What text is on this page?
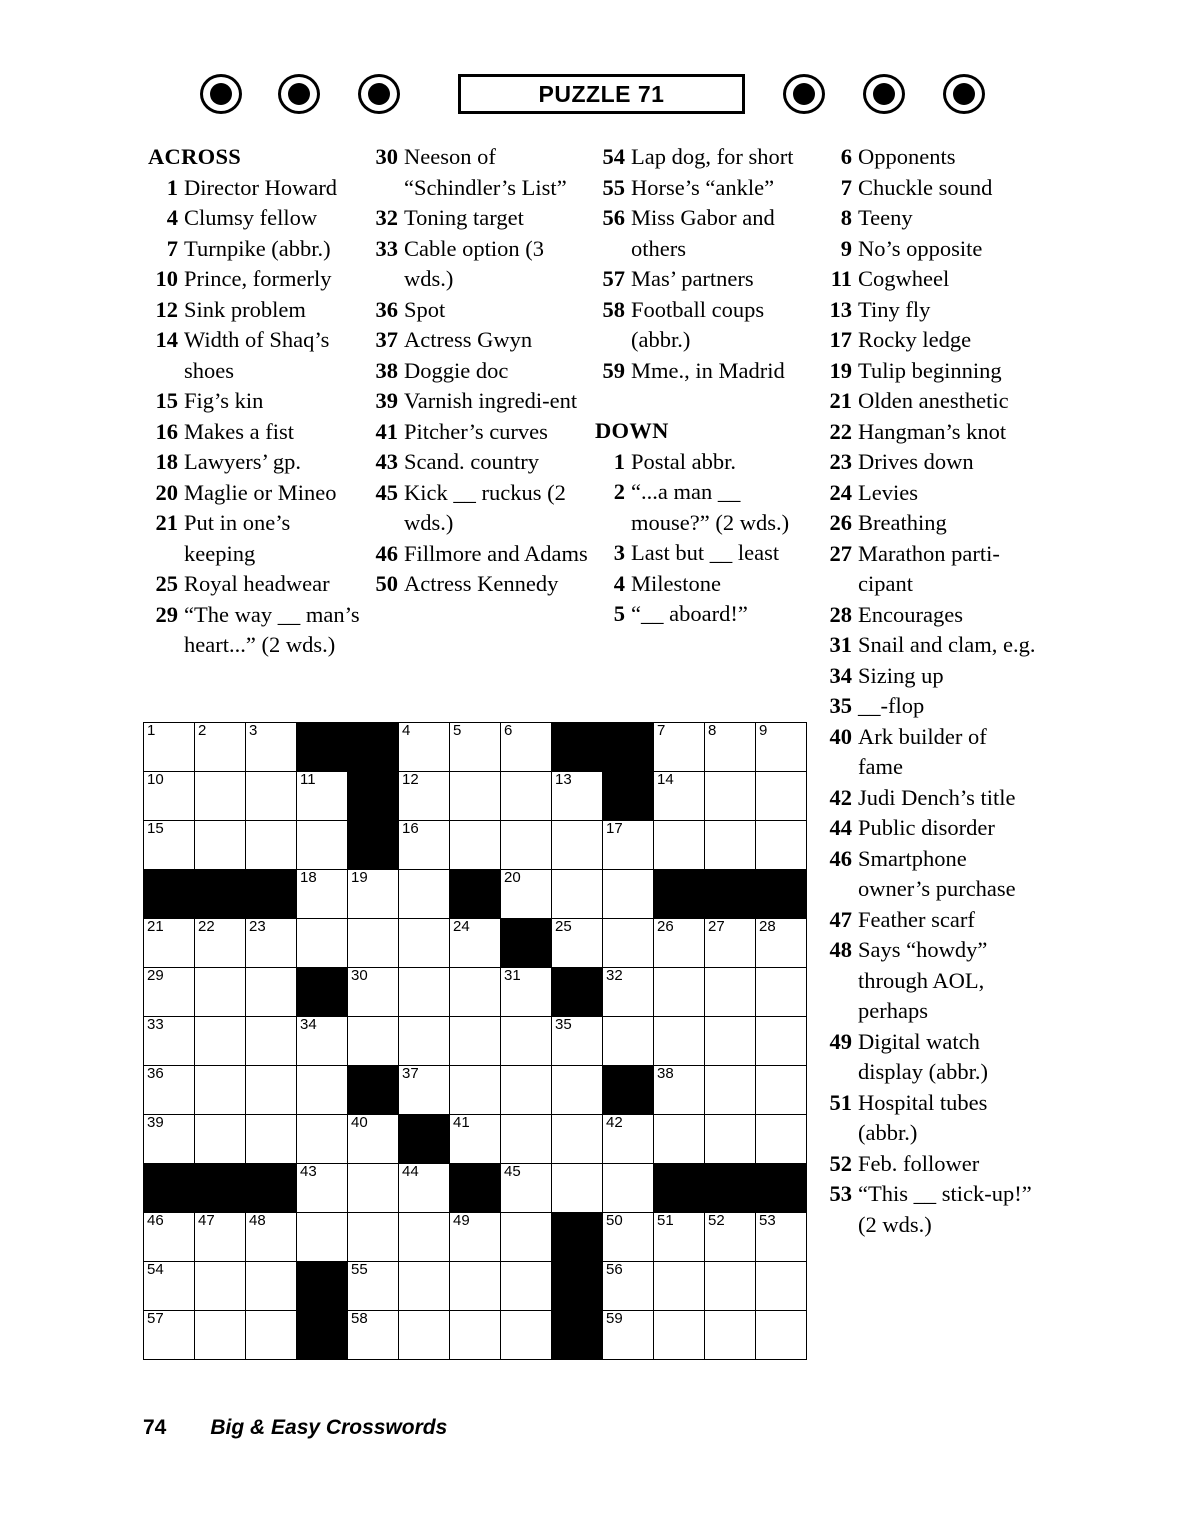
PUZZLE 71
ACROSS
1 Director Howard
4 Clumsy fellow
7 Turnpike (abbr.)
10 Prince, formerly
12 Sink problem
14 Width of Shaq’s shoes
15 Fig’s kin
16 Makes a fist
18 Lawyers’ gp.
20 Maglie or Mineo
21 Put in one’s keeping
25 Royal headwear
29 “The way __ man’s heart...” (2 wds.)
30 Neeson of “Schindler’s List”
32 Toning target
33 Cable option (3 wds.)
36 Spot
37 Actress Gwyn
38 Doggie doc
39 Varnish ingredi-ent
41 Pitcher’s curves
43 Scand. country
45 Kick __ ruckus (2 wds.)
46 Fillmore and Adams
50 Actress Kennedy
54 Lap dog, for short
55 Horse’s “ankle”
56 Miss Gabor and others
57 Mas’ partners
58 Football coups (abbr.)
59 Mme., in Madrid
DOWN
1 Postal abbr.
2 “...a man __ mouse?” (2 wds.)
3 Last but __ least
4 Milestone
5 “__ aboard!”
6 Opponents
7 Chuckle sound
8 Teeny
9 No’s opposite
11 Cogwheel
13 Tiny fly
17 Rocky ledge
19 Tulip beginning
21 Olden anesthetic
22 Hangman’s knot
23 Drives down
24 Levies
26 Breathing
27 Marathon parti-cipant
28 Encourages
31 Snail and clam, e.g.
34 Sizing up
35 __-flop
40 Ark builder of fame
42 Judi Dench’s title
44 Public disorder
46 Smartphone owner’s purchase
47 Feather scarf
48 Says “howdy” through AOL, perhaps
49 Digital watch display (abbr.)
51 Hospital tubes (abbr.)
52 Feb. follower
53 “This __ stick-up!” (2 wds.)
1	2	3			4	5	6			7	8	9

10			11		12			13		14		

15					16				17			

			18	19			20					

21	22	23				24		25		26	27	28

29				30			31		32			

33			34					35				

36					37					38		

39				40		41			42			

			43		44		45					

46	47	48				49			50	51	52	53

54				55					56			

57				58					59			

74 Big & Easy Crosswords
